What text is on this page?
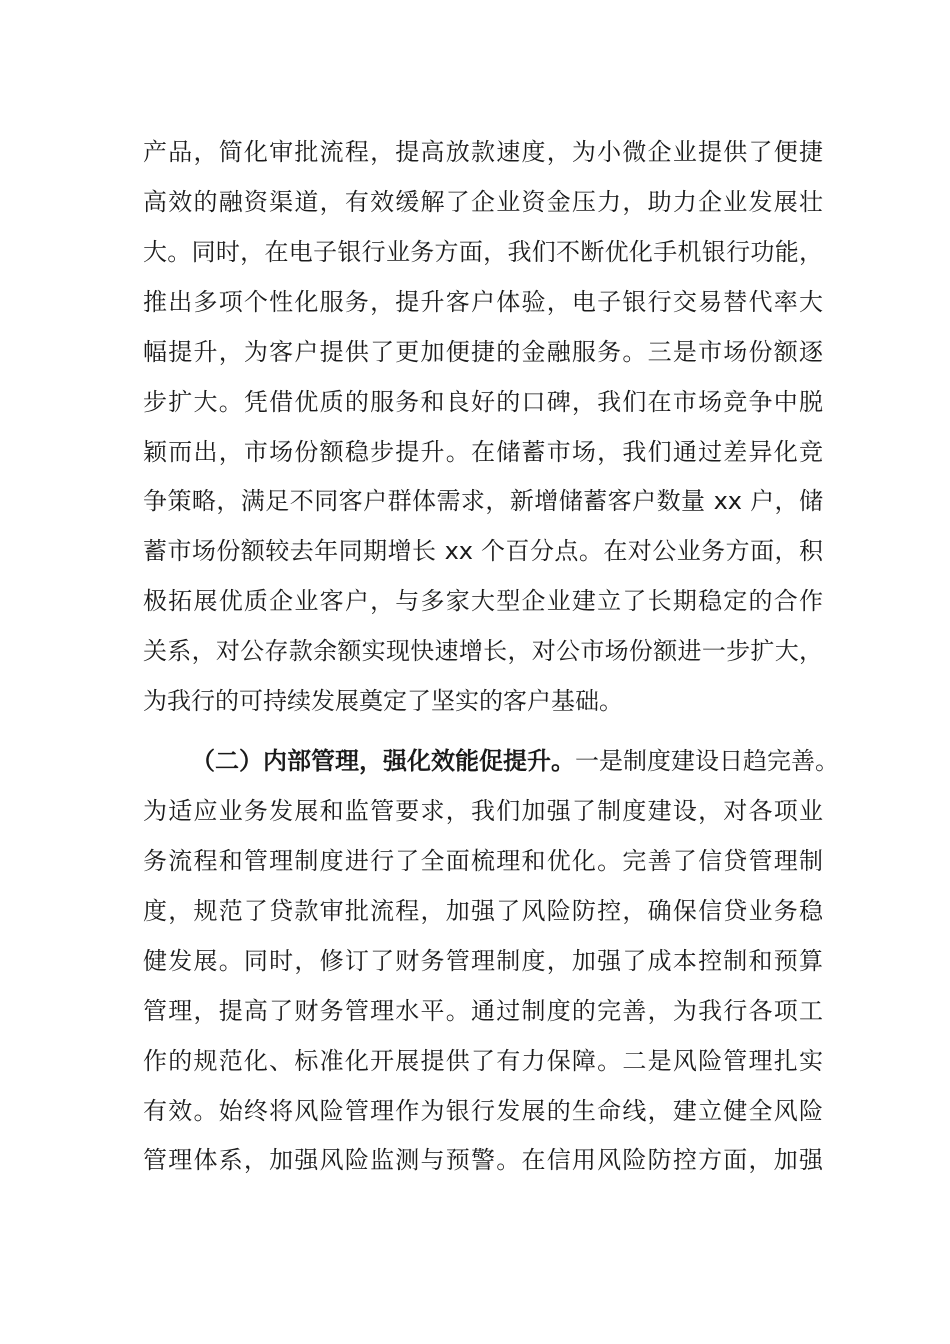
产品，简化审批流程，提高放款速度，为小微企业提供了便捷
高效的融资渠道，有效缓解了企业资金压力，助力企业发展壮
大。同时，在电子银行业务方面，我们不断优化手机银行功能，
推出多项个性化服务，提升客户体验，电子银行交易替代率大
幅提升，为客户提供了更加便捷的金融服务。三是市场份额逐
步扩大。凭借优质的服务和良好的口碑，我们在市场竞争中脱
颖而出，市场份额稳步提升。在储蓄市场，我们通过差异化竞
争策略，满足不同客户群体需求，新增储蓄客户数量 xx 户，储
蓄市场份额较去年同期增长 xx 个百分点。在对公业务方面，积
极拓展优质企业客户，与多家大型企业建立了长期稳定的合作
关系，对公存款余额实现快速增长，对公市场份额进一步扩大，
为我行的可持续发展奠定了坚实的客户基础。
（二）内部管理，强化效能促提升。一是制度建设日趋完善。
为适应业务发展和监管要求，我们加强了制度建设，对各项业
务流程和管理制度进行了全面梳理和优化。完善了信贷管理制
度，规范了贷款审批流程，加强了风险防控，确保信贷业务稳
健发展。同时，修订了财务管理制度，加强了成本控制和预算
管理，提高了财务管理水平。通过制度的完善，为我行各项工
作的规范化、标准化开展提供了有力保障。二是风险管理扎实
有效。始终将风险管理作为银行发展的生命线，建立健全风险
管理体系，加强风险监测与预警。在信用风险防控方面，加强
